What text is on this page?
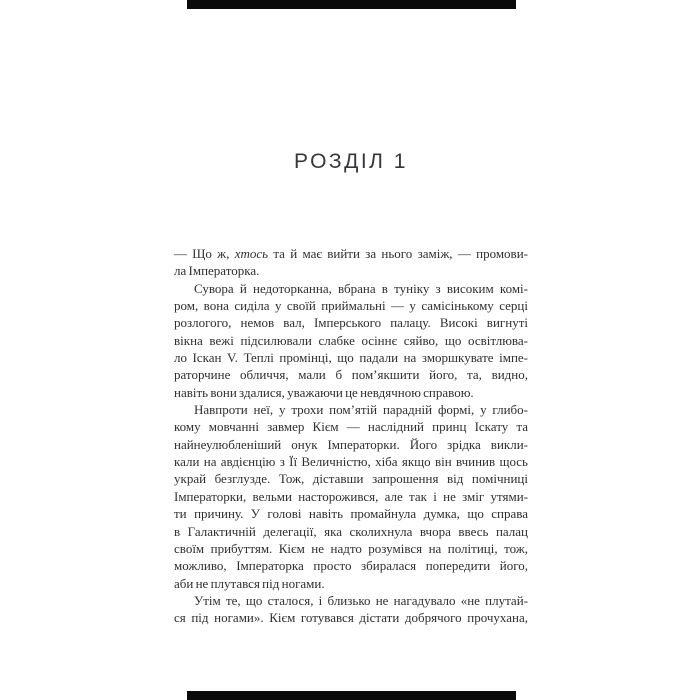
РОЗДІЛ 1
— Що ж, хтось та й має вийти за нього заміж, — промови-
ла Імператорка.
Сувора й недоторканна, вбрана в туніку з високим комі-
ром, вона сиділа у своїй приймальні — у самісінькому серці
розлогого, немов вал, Імперського палацу. Високі вигнуті
вікна вежі підсилювали слабке осіннє сяйво, що освітлюва-
ло Іскан V. Теплі промінці, що падали на зморшкувате імпе-
раторчине обличчя, мали б пом’якшити його, та, видно,
навіть вони здалися, уважаючи це невдячною справою.
Навпроти неї, у трохи пом’ятій парадній формі, у глибо-
кому мовчанні завмер Кієм — наслідний принц Іскату та
найнеулюбленіший онук Імператорки. Його зрідка викли-
кали на авдієнцію з Її Величністю, хіба якщо він вчинив щось
украй безглузде. Тож, діставши запрошення від помічниці
Імператорки, вельми насторожився, але так і не зміг утями-
ти причину. У голові навіть промайнула думка, що справа
в Галактичній делегації, яка сколихнула вчора ввесь палац
своїм прибуттям. Кієм не надто розумівся на політиці, тож,
можливо, Імператорка просто збиралася попередити його,
аби не плутався під ногами.
Утім те, що сталося, і близько не нагадувало «не плутай-
ся під ногами». Кієм готувався дістати добрячого прочухана,
